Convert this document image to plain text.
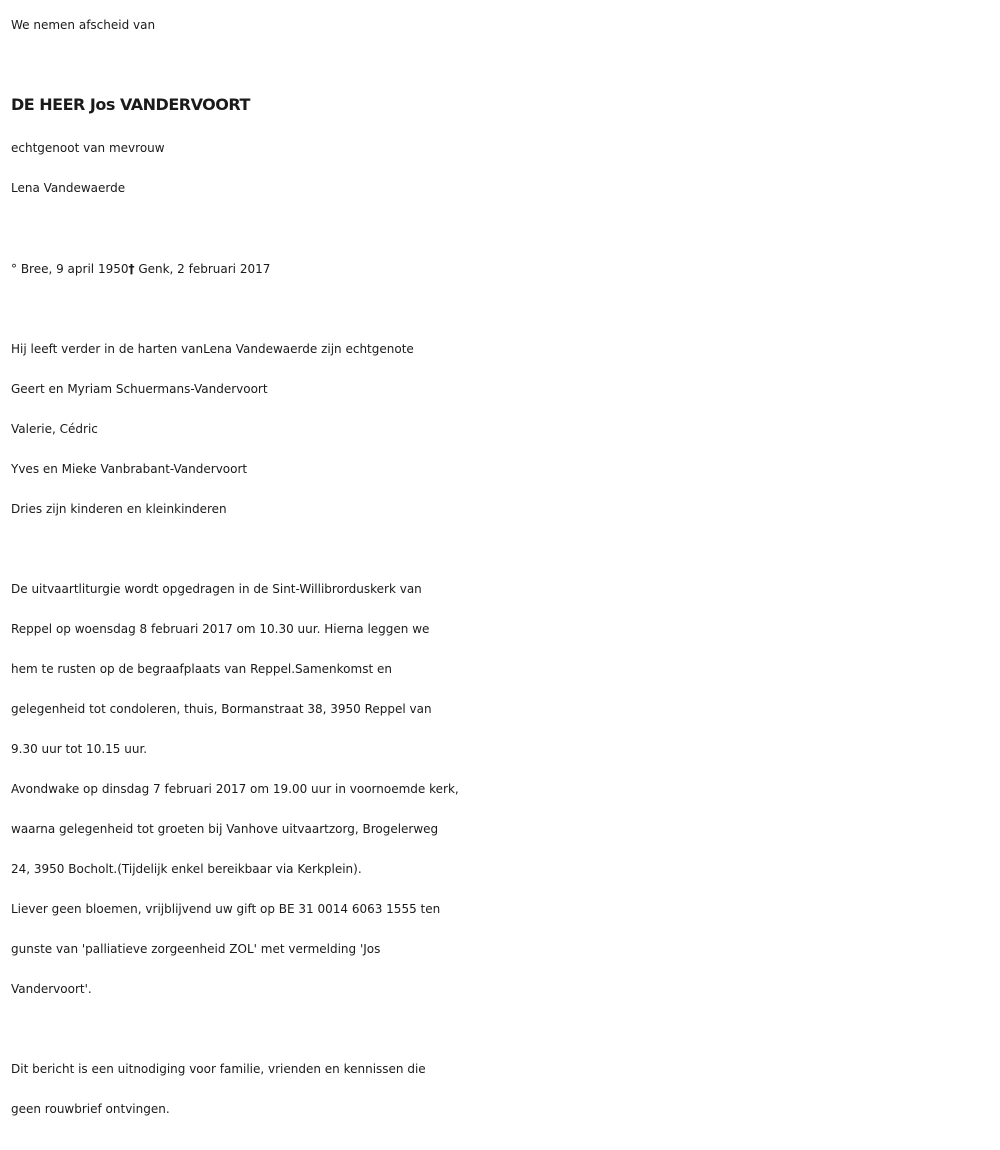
We nemen afscheid van
DE HEER Jos VANDERVOORT
echtgenoot van mevrouw
Lena Vandewaerde
° Bree, 9 april 1950† Genk, 2 februari 2017
Hij leeft verder in de harten vanLena Vandewaerde zijn echtgenote
Geert en Myriam Schuermans-Vandervoort
Valerie, Cédric
Yves en Mieke Vanbrabant-Vandervoort
Dries zijn kinderen en kleinkinderen
De uitvaartliturgie wordt opgedragen in de Sint-Willibrorduskerk van
Reppel op woensdag 8 februari 2017 om 10.30 uur. Hierna leggen we
hem te rusten op de begraafplaats van Reppel.Samenkomst en
gelegenheid tot condoleren, thuis, Bormanstraat 38, 3950 Reppel van
9.30 uur tot 10.15 uur.
Avondwake op dinsdag 7 februari 2017 om 19.00 uur in voornoemde kerk,
waarna gelegenheid tot groeten bij Vanhove uitvaartzorg, Brogelerweg
24, 3950 Bocholt.(Tijdelijk enkel bereikbaar via Kerkplein).
Liever geen bloemen, vrijblijvend uw gift op BE 31 0014 6063 1555 ten
gunste van 'palliatieve zorgeenheid ZOL' met vermelding 'Jos
Vandervoort'.
Dit bericht is een uitnodiging voor familie, vrienden en kennissen die
geen rouwbrief ontvingen.
